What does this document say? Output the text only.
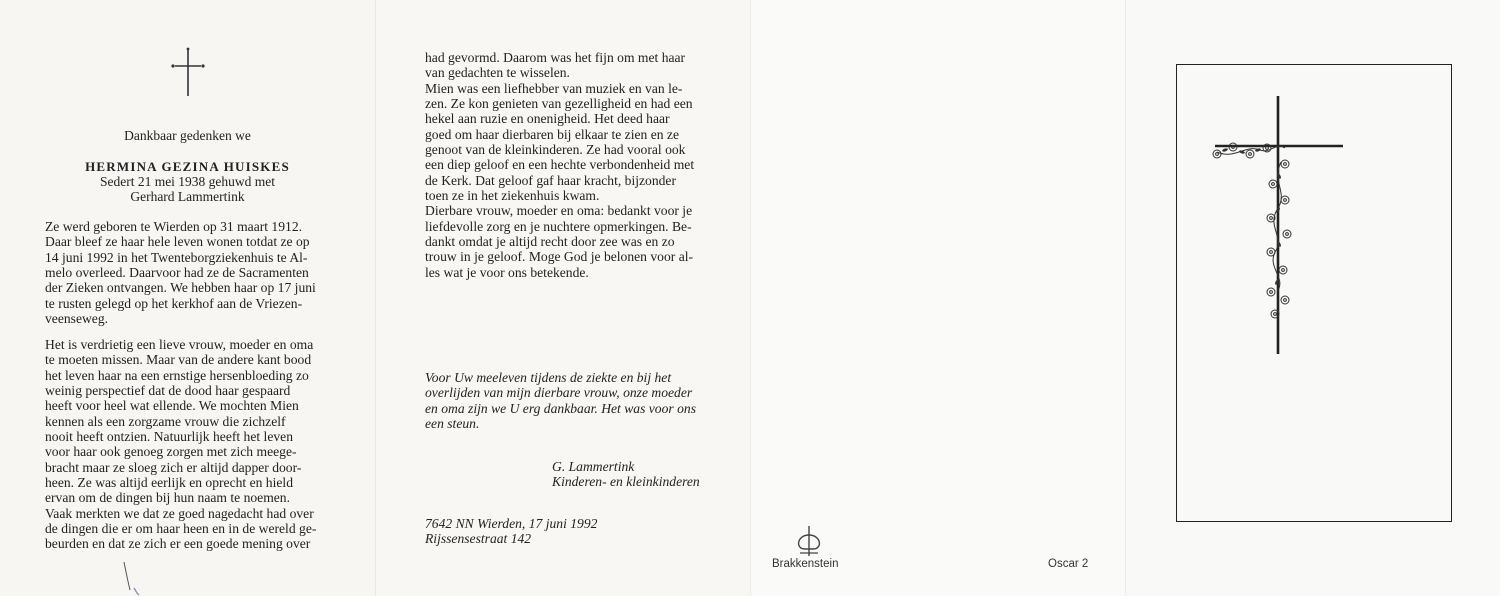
Dankbaar gedenken we
HERMINA GEZINA HUISKES
Sedert 21 mei 1938 gehuwd met
Gerhard Lammertink
Ze werd geboren te Wierden op 31 maart 1912.
Daar bleef ze haar hele leven wonen totdat ze op
14 juni 1992 in het Twenteborgziekenhuis te Al-
melo overleed. Daarvoor had ze de Sacramenten
der Zieken ontvangen. We hebben haar op 17 juni
te rusten gelegd op het kerkhof aan de Vriezen-
veenseweg.
Het is verdrietig een lieve vrouw, moeder en oma
te moeten missen. Maar van de andere kant bood
het leven haar na een ernstige hersenbloeding zo
weinig perspectief dat de dood haar gespaard
heeft voor heel wat ellende. We mochten Mien
kennen als een zorgzame vrouw die zichzelf
nooit heeft ontzien. Natuurlijk heeft het leven
voor haar ook genoeg zorgen met zich meege-
bracht maar ze sloeg zich er altijd dapper door-
heen. Ze was altijd eerlijk en oprecht en hield
ervan om de dingen bij hun naam te noemen.
Vaak merkten we dat ze goed nagedacht had over
de dingen die er om haar heen en in de wereld ge-
beurden en dat ze zich er een goede mening over
had gevormd. Daarom was het fijn om met haar
van gedachten te wisselen.
Mien was een liefhebber van muziek en van le-
zen. Ze kon genieten van gezelligheid en had een
hekel aan ruzie en onenigheid. Het deed haar
goed om haar dierbaren bij elkaar te zien en ze
genoot van de kleinkinderen. Ze had vooral ook
een diep geloof en een hechte verbondenheid met
de Kerk. Dat geloof gaf haar kracht, bijzonder
toen ze in het ziekenhuis kwam.
Dierbare vrouw, moeder en oma: bedankt voor je
liefdevolle zorg en je nuchtere opmerkingen. Be-
dankt omdat je altijd recht door zee was en zo
trouw in je geloof. Moge God je belonen voor al-
les wat je voor ons betekende.
Voor Uw meeleven tijdens de ziekte en bij het
overlijden van mijn dierbare vrouw, onze moeder
en oma zijn we U erg dankbaar. Het was voor ons
een steun.
G. Lammertink
Kinderen- en kleinkinderen
7642 NN Wierden, 17 juni 1992
Rijssensestraat 142
Brakkenstein	Oscar 2
